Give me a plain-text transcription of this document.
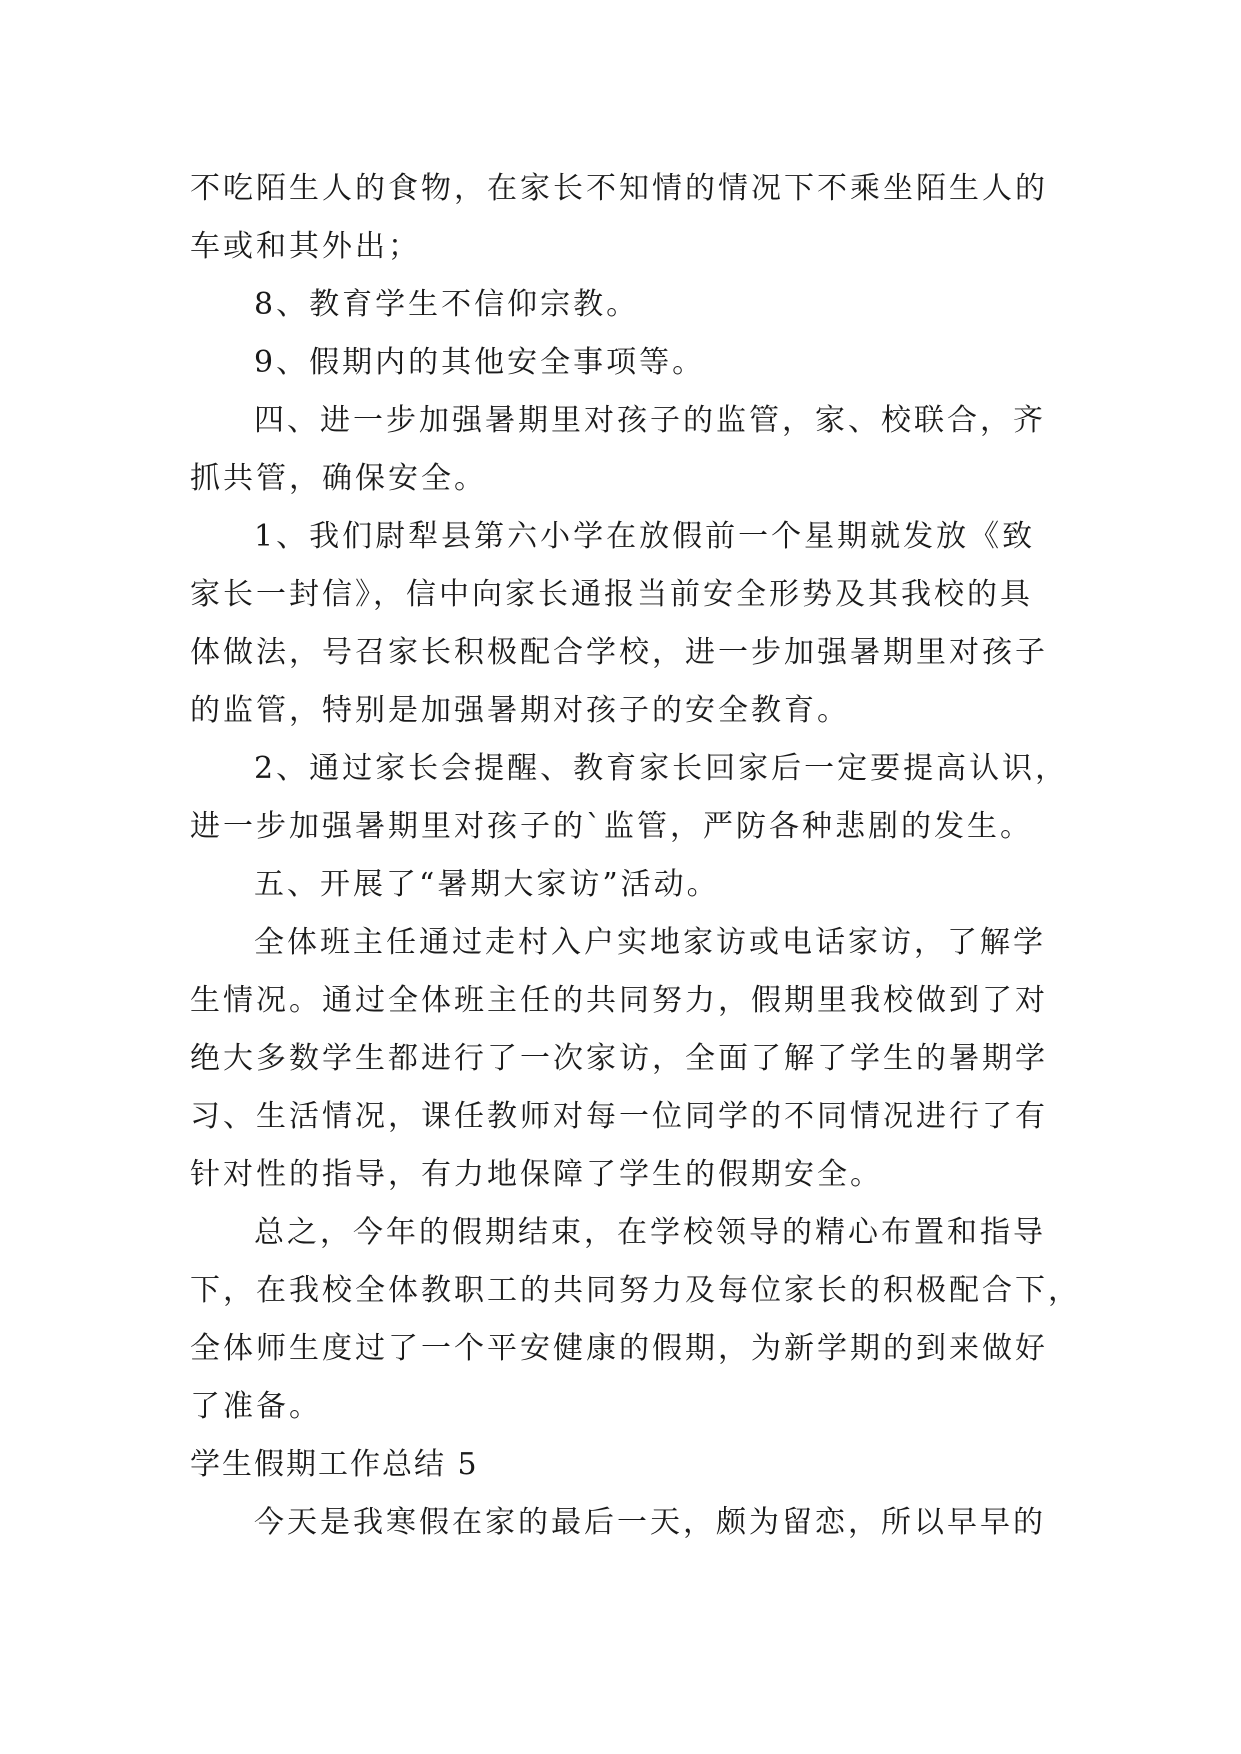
不吃陌生人的食物，在家长不知情的情况下不乘坐陌生人的
车或和其外出；
8、教育学生不信仰宗教。
9、假期内的其他安全事项等。
四、进一步加强暑期里对孩子的监管，家、校联合，齐
抓共管，确保安全。
1、我们尉犁县第六小学在放假前一个星期就发放《致
家长一封信》，信中向家长通报当前安全形势及其我校的具
体做法，号召家长积极配合学校，进一步加强暑期里对孩子
的监管，特别是加强暑期对孩子的安全教育。
2、通过家长会提醒、教育家长回家后一定要提高认识，
进一步加强暑期里对孩子的`监管，严防各种悲剧的发生。
五、开展了“暑期大家访”活动。
全体班主任通过走村入户实地家访或电话家访，了解学
生情况。通过全体班主任的共同努力，假期里我校做到了对
绝大多数学生都进行了一次家访，全面了解了学生的暑期学
习、生活情况，课任教师对每一位同学的不同情况进行了有
针对性的指导，有力地保障了学生的假期安全。
总之，今年的假期结束，在学校领导的精心布置和指导
下，在我校全体教职工的共同努力及每位家长的积极配合下，
全体师生度过了一个平安健康的假期，为新学期的到来做好
了准备。
学生假期工作总结 5
今天是我寒假在家的最后一天，颇为留恋，所以早早的
